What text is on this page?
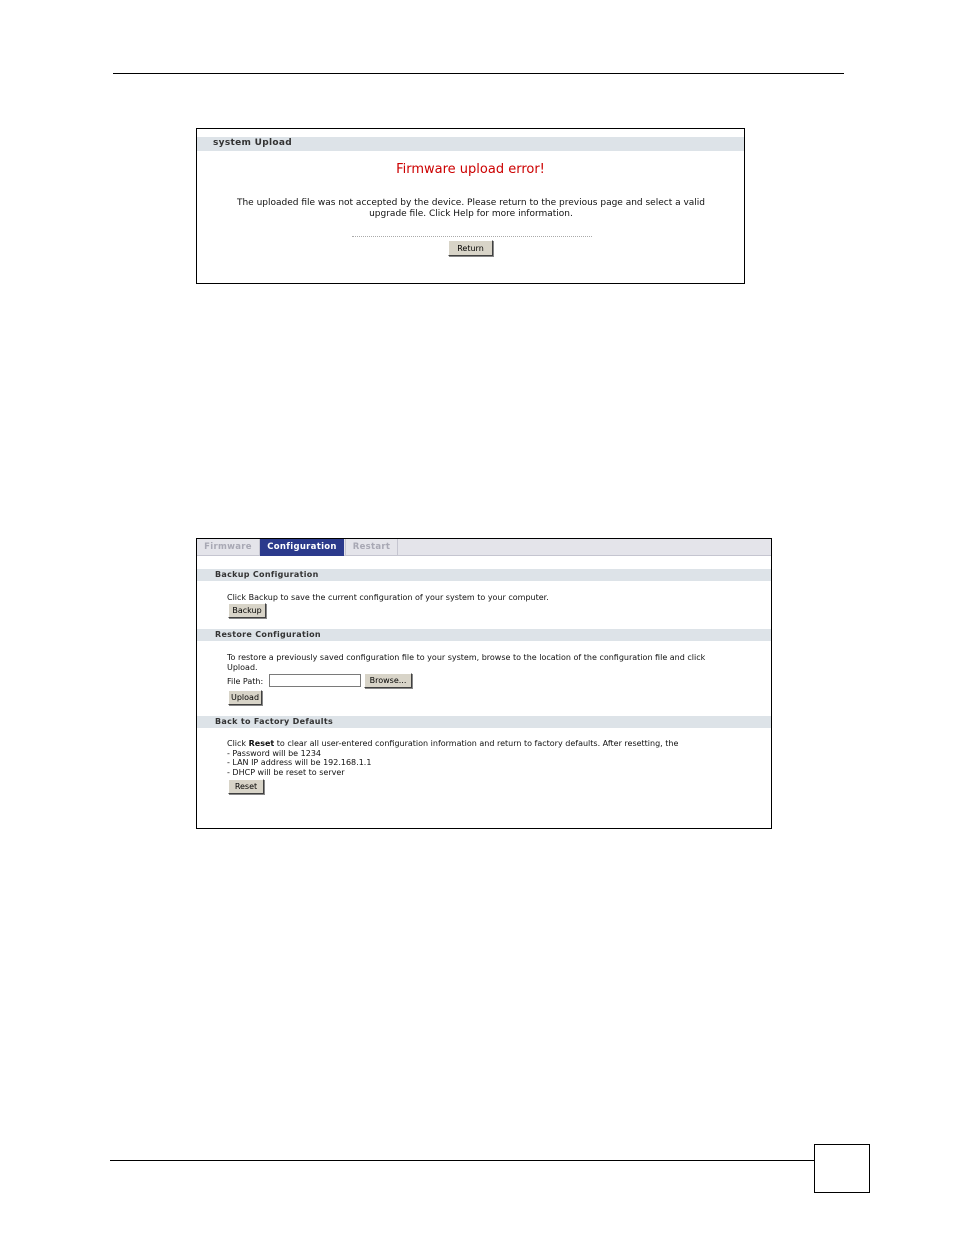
system Upload
Firmware upload error!
The uploaded file was not accepted by the device. Please return to the previous page and select a valid upgrade file. Click Help for more information.
Return
Firmware	Configuration	Restart
Backup Configuration
Click Backup to save the current configuration of your system to your computer.
Backup
Restore Configuration
To restore a previously saved configuration file to your system, browse to the location of the configuration file and click Upload.
File Path:	Browse...
Upload
Back to Factory Defaults
Click Reset to clear all user-entered configuration information and return to factory defaults. After resetting, the
- Password will be 1234
- LAN IP address will be 192.168.1.1
- DHCP will be reset to server
Reset
